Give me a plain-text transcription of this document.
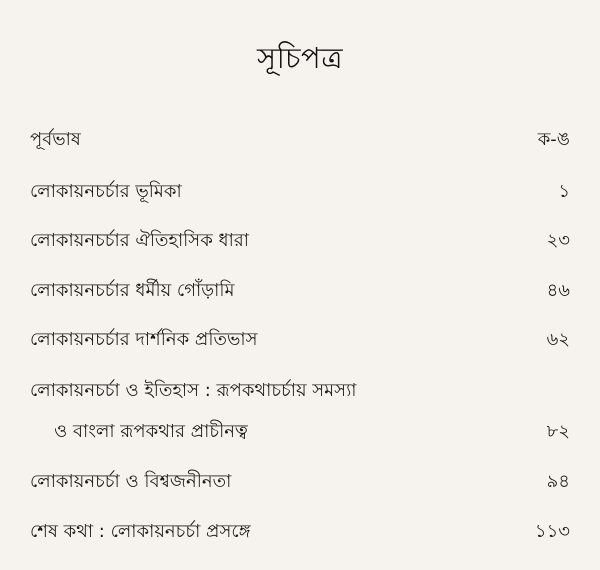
সূচিপত্র
পূর্বভাষ	ক-ঙ
লোকায়নচর্চার ভূমিকা	১
লোকায়নচর্চার ঐতিহাসিক ধারা	২৩
লোকায়নচর্চার ধর্মীয় গোঁড়ামি	৪৬
লোকায়নচর্চার দার্শনিক প্রতিভাস	৬২
লোকায়নচর্চা ও ইতিহাস : রূপকথাচর্চায় সমস্যা
ও বাংলা রূপকথার প্রাচীনত্ব	৮২
লোকায়নচর্চা ও বিশ্বজনীনতা	৯৪
শেষ কথা : লোকায়নচর্চা প্রসঙ্গে	১১৩
